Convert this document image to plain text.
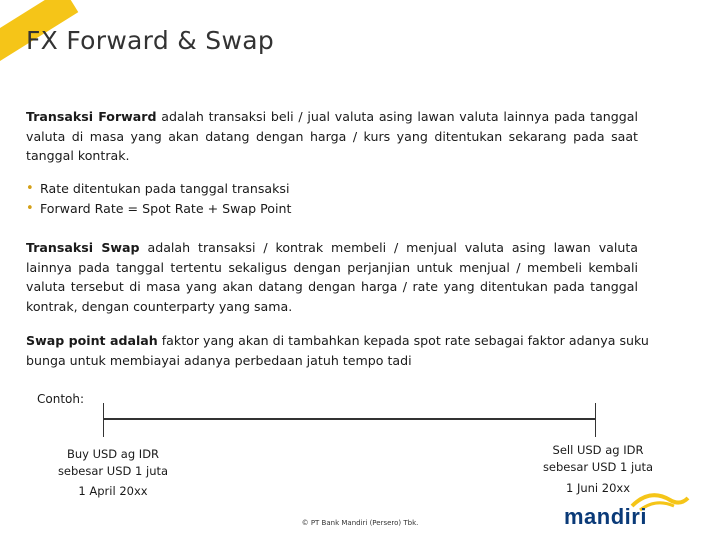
FX Forward & Swap
Transaksi Forward adalah transaksi beli / jual valuta asing lawan valuta lainnya pada tanggal valuta di masa yang akan datang dengan harga / kurs yang ditentukan sekarang pada saat tanggal kontrak.
• Rate ditentukan pada tanggal transaksi
• Forward Rate = Spot Rate + Swap Point
Transaksi Swap adalah transaksi / kontrak membeli / menjual valuta asing lawan valuta lainnya pada tanggal tertentu sekaligus dengan perjanjian untuk menjual / membeli kembali valuta tersebut di masa yang akan datang dengan harga / rate yang ditentukan pada tanggal kontrak, dengan counterparty yang sama.
Swap point adalah faktor yang akan di tambahkan kepada spot rate sebagai faktor adanya suku bunga untuk membiayai adanya perbedaan jatuh tempo tadi
Contoh:
Buy USD ag IDR
sebesar USD 1 juta
1 April 20xx
Sell USD ag IDR
sebesar USD 1 juta
1 Juni 20xx
© PT Bank Mandiri (Persero) Tbk.	mandiri
